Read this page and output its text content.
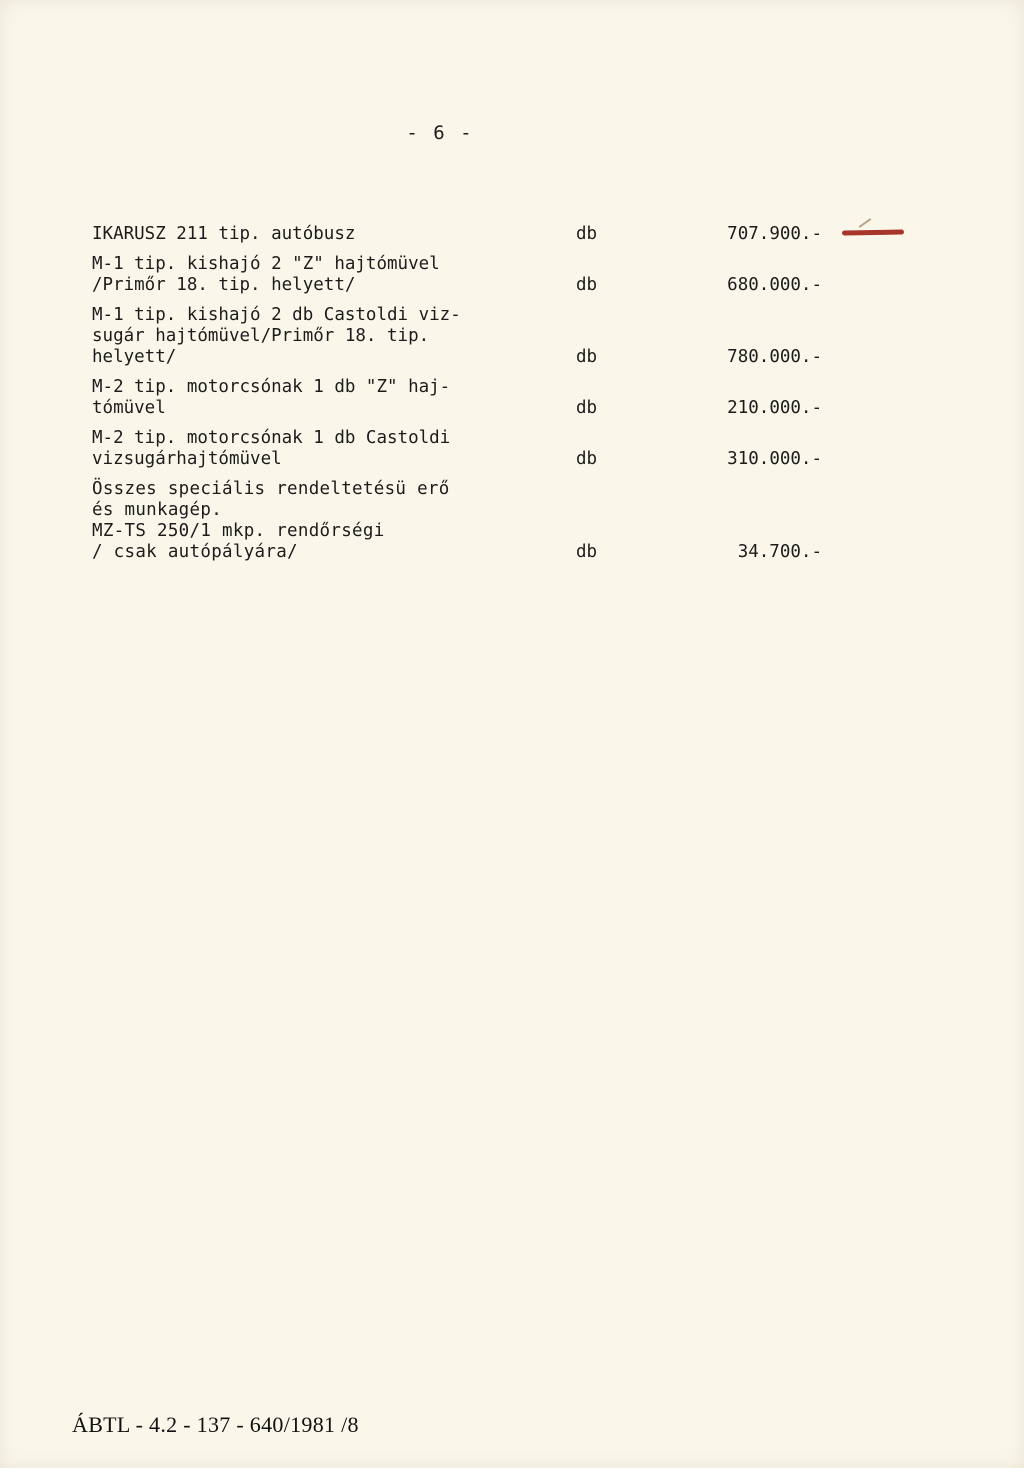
- 6 -
IKARUSZ 211 tip. autóbusz	db	707.900.-
M-1 tip. kishajó 2 "Z" hajtómüvel
/Primőr 18. tip. helyett/	db	680.000.-
M-1 tip. kishajó 2 db Castoldi viz-
sugár hajtómüvel/Primőr 18. tip.
helyett/	db	780.000.-
M-2 tip. motorcsónak 1 db "Z" haj-
tómüvel	db	210.000.-
M-2 tip. motorcsónak 1 db Castoldi
vizsugárhajtómüvel	db	310.000.-
Összes speciális rendeltetésü erő
és munkagép.
MZ-TS 250/1 mkp. rendőrségi
/ csak autópályára/	db	34.700.-
ÁBTL - 4.2 - 137 - 640/1981 /8
